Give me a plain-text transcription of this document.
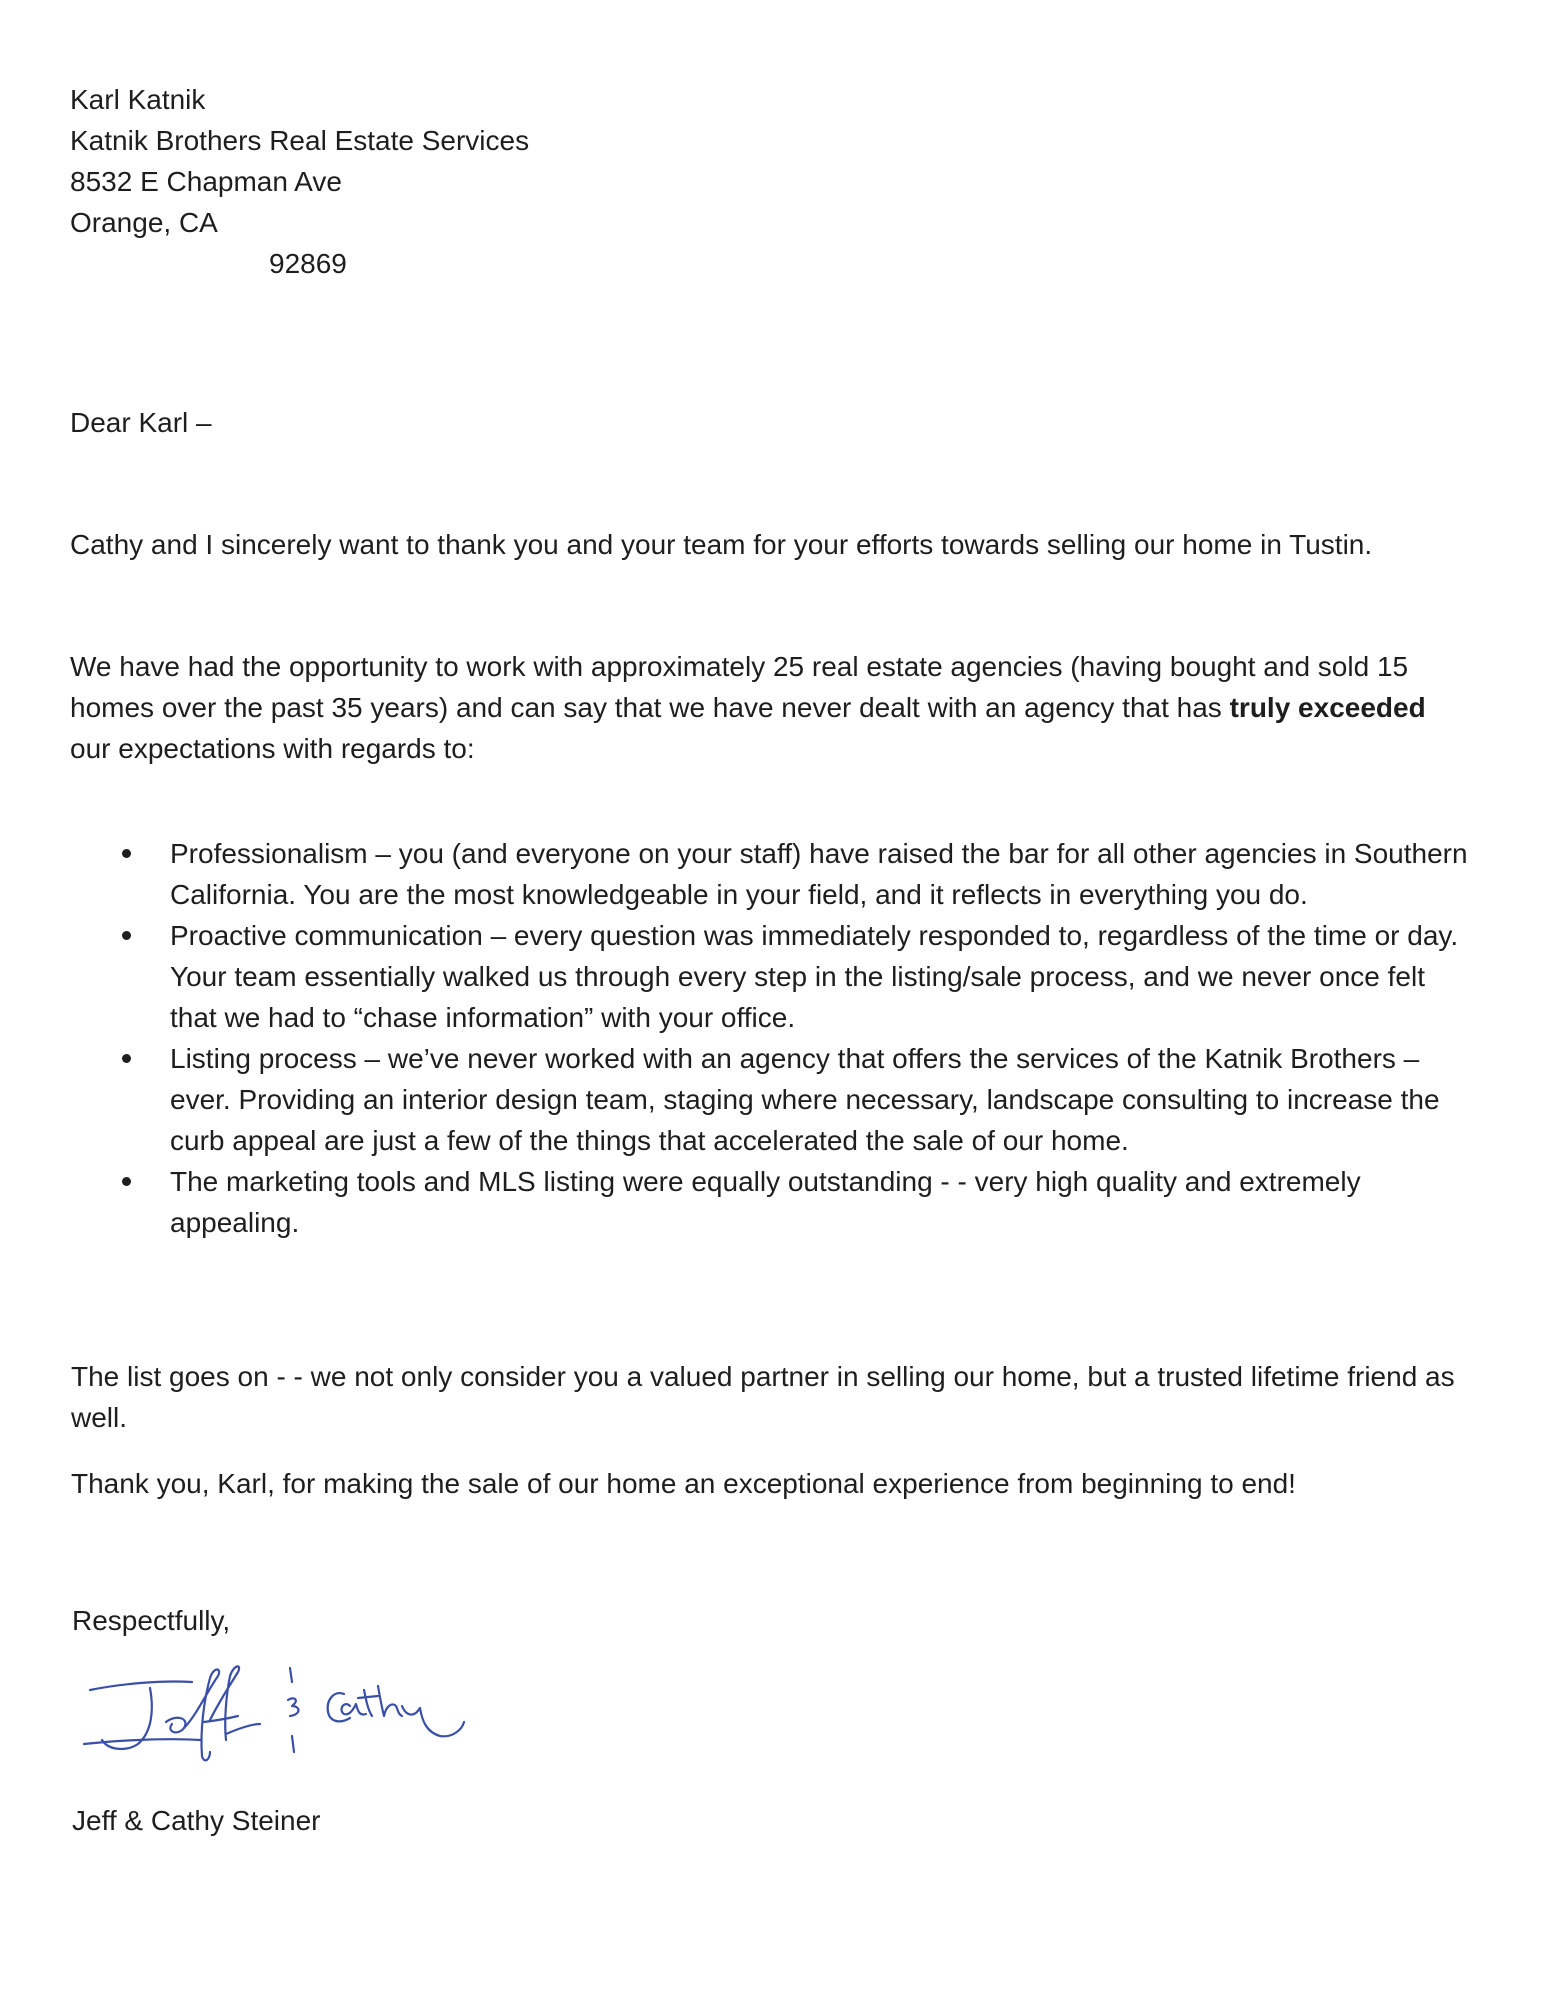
Karl Katnik
Katnik Brothers Real Estate Services
8532 E Chapman Ave
Orange, CA
92869
Dear Karl –
Cathy and I sincerely want to thank you and your team for your efforts towards selling our home in Tustin.
We have had the opportunity to work with approximately 25 real estate agencies (having bought and sold 15 homes over the past 35 years) and can say that we have never dealt with an agency that has truly exceeded our expectations with regards to:
Professionalism – you (and everyone on your staff) have raised the bar for all other agencies in Southern California. You are the most knowledgeable in your field, and it reflects in everything you do.
Proactive communication – every question was immediately responded to, regardless of the time or day. Your team essentially walked us through every step in the listing/sale process, and we never once felt that we had to “chase information” with your office.
Listing process – we’ve never worked with an agency that offers the services of the Katnik Brothers – ever. Providing an interior design team, staging where necessary, landscape consulting to increase the curb appeal are just a few of the things that accelerated the sale of our home.
The marketing tools and MLS listing were equally outstanding - - very high quality and extremely appealing.
The list goes on - - we not only consider you a valued partner in selling our home, but a trusted lifetime friend as well.
Thank you, Karl, for making the sale of our home an exceptional experience from beginning to end!
Respectfully,
Jeff & Cathy Steiner
